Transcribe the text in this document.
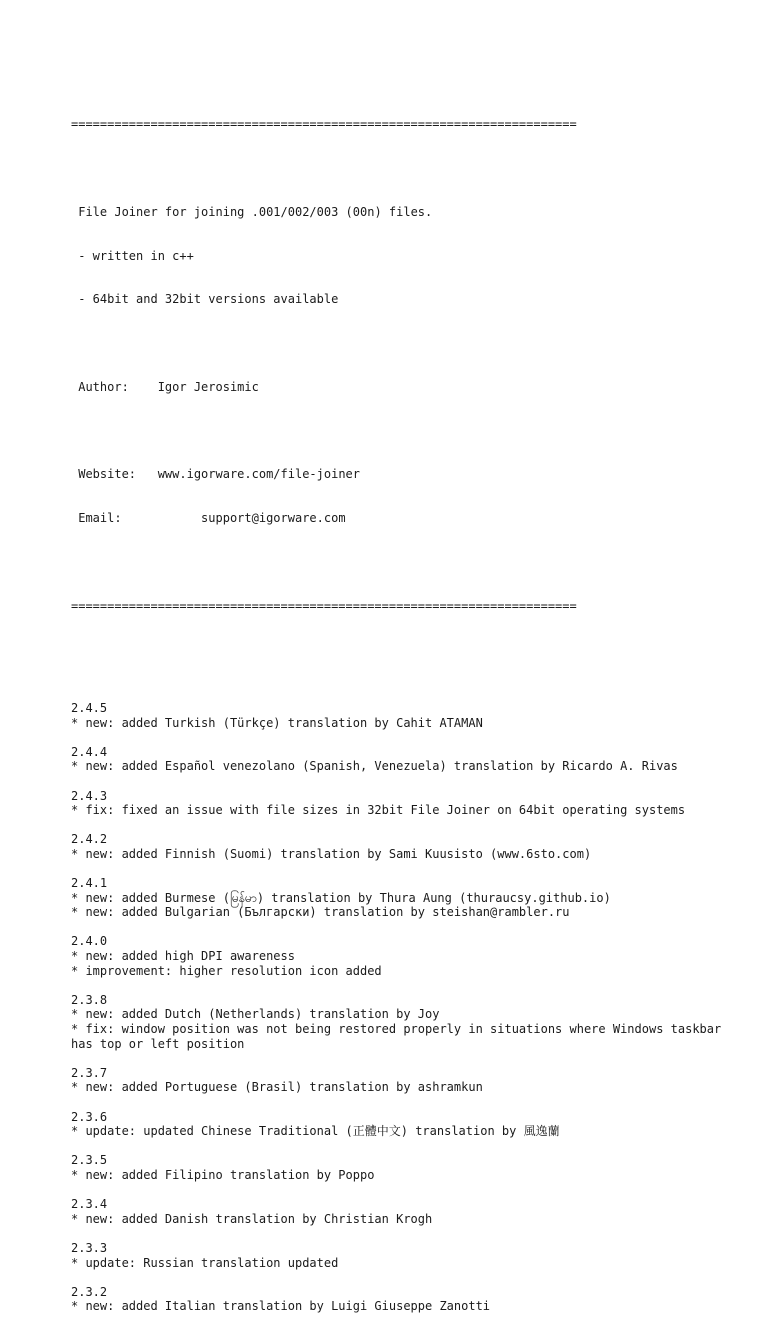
======================================================================

File Joiner for joining .001/002/003 (00n) files.

- written in c++

- 64bit and 32bit versions available

Author:    Igor Jerosimic

Website:   www.igorware.com/file-joiner

Email:           support@igorware.com

======================================================================

2.4.5
* new: added Turkish (Türkçe) translation by Cahit ATAMAN
2.4.4
* new: added Español venezolano (Spanish, Venezuela) translation by Ricardo A. Rivas
2.4.3
* fix: fixed an issue with file sizes in 32bit File Joiner on 64bit operating systems
2.4.2
* new: added Finnish (Suomi) translation by Sami Kuusisto (www.6sto.com)
2.4.1
* new: added Burmese (မြန်မာ) translation by Thura Aung (thuraucsy.github.io)
* new: added Bulgarian (Български) translation by steishan@rambler.ru
2.4.0
* new: added high DPI awareness
* improvement: higher resolution icon added
2.3.8
* new: added Dutch (Netherlands) translation by Joy
* fix: window position was not being restored properly in situations where Windows taskbar has top or left position
2.3.7
* new: added Portuguese (Brasil) translation by ashramkun
2.3.6
* update: updated Chinese Traditional (正體中文) translation by 風逸蘭
2.3.5
* new: added Filipino translation by Poppo
2.3.4
* new: added Danish translation by Christian Krogh
2.3.3
* update: Russian translation updated
2.3.2
* new: added Italian translation by Luigi Giuseppe Zanotti
